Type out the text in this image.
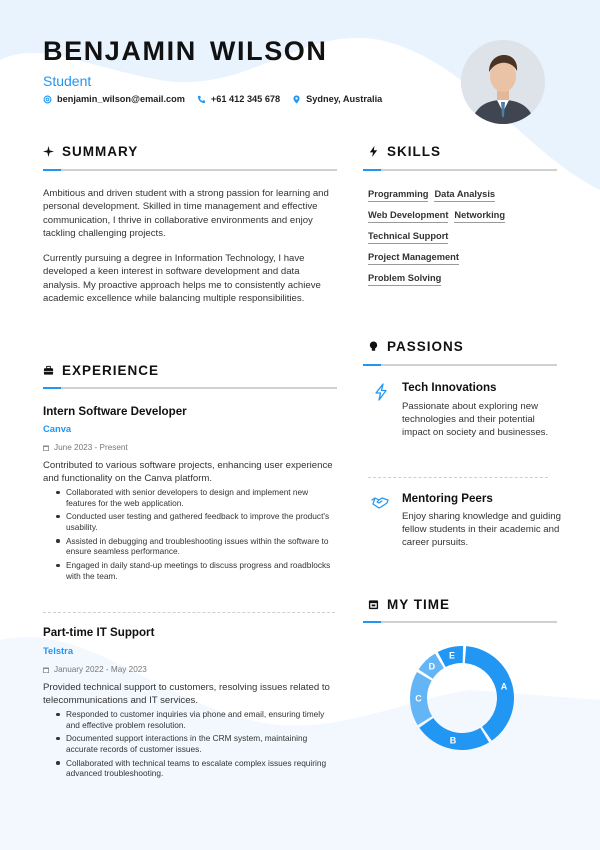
BENJAMIN WILSON
Student
benjamin_wilson@email.com	+61 412 345 678	Sydney, Australia
SUMMARY
Ambitious and driven student with a strong passion for learning and personal development. Skilled in time management and effective communication, I thrive in collaborative environments and enjoy tackling challenging projects.
Currently pursuing a degree in Information Technology, I have developed a keen interest in software development and data analysis. My proactive approach helps me to consistently achieve academic excellence while balancing multiple responsibilities.
SKILLS
Programming Data Analysis
Web Development Networking
Technical Support
Project Management
Problem Solving
EXPERIENCE
Intern Software Developer
Canva
June 2023 - Present
Contributed to various software projects, enhancing user experience and functionality on the Canva platform.
Collaborated with senior developers to design and implement new features for the web application.
Conducted user testing and gathered feedback to improve the product's usability.
Assisted in debugging and troubleshooting issues within the software to ensure seamless performance.
Engaged in daily stand-up meetings to discuss progress and roadblocks with the team.
Part-time IT Support
Telstra
January 2022 - May 2023
Provided technical support to customers, resolving issues related to telecommunications and IT services.
Responded to customer inquiries via phone and email, ensuring timely and effective problem resolution.
Documented support interactions in the CRM system, maintaining accurate records of customer issues.
Collaborated with technical teams to escalate complex issues requiring advanced troubleshooting.
PASSIONS
Tech Innovations
Passionate about exploring new technologies and their potential impact on society and businesses.
Mentoring Peers
Enjoy sharing knowledge and guiding fellow students in their academic and career pursuits.
MY TIME
A
B
C
D
E
